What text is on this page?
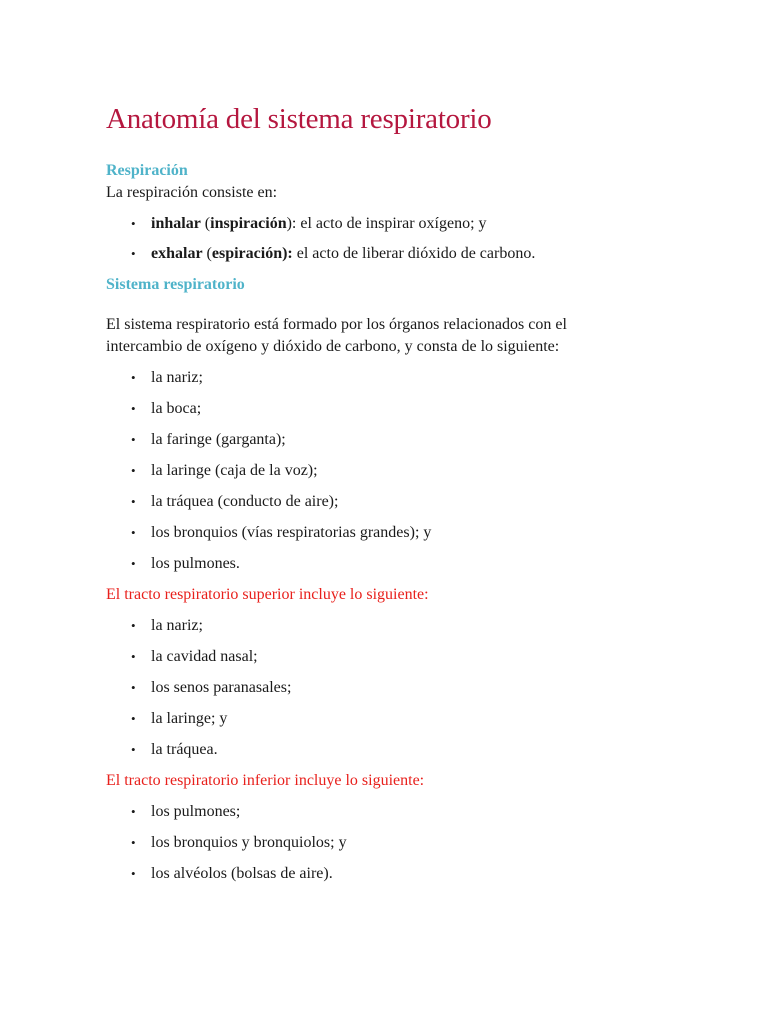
Anatomía del sistema respiratorio
Respiración

La respiración consiste en:

• inhalar (inspiración): el acto de inspirar oxígeno; y
• exhalar (espiración): el acto de liberar dióxido de carbono.
Sistema respiratorio

El sistema respiratorio está formado por los órganos relacionados con el
intercambio de oxígeno y dióxido de carbono, y consta de lo siguiente:

• la nariz;
• la boca;
• la faringe (garganta);
• la laringe (caja de la voz);
• la tráquea (conducto de aire);
• los bronquios (vías respiratorias grandes); y
• los pulmones.
El tracto respiratorio superior incluye lo siguiente:
• la nariz;
• la cavidad nasal;
• los senos paranasales;
• la laringe; y
• la tráquea.
El tracto respiratorio inferior incluye lo siguiente:
• los pulmones;
• los bronquios y bronquiolos; y
• los alvéolos (bolsas de aire).
